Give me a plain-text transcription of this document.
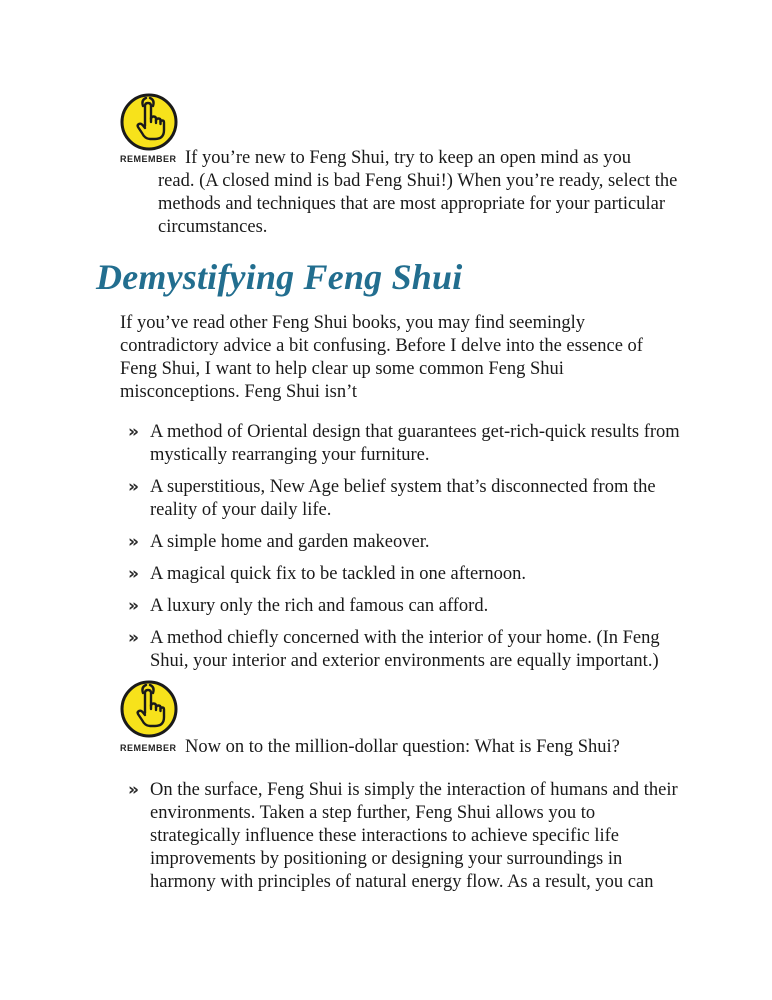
REMEMBER If you’re new to Feng Shui, try to keep an open mind as you
read. (A closed mind is bad Feng Shui!) When you’re ready, select the methods and techniques that are most appropriate for your particular circumstances.
Demystifying Feng Shui
If you’ve read other Feng Shui books, you may find seemingly contradictory advice a bit confusing. Before I delve into the essence of Feng Shui, I want to help clear up some common Feng Shui misconceptions. Feng Shui isn’t
» A method of Oriental design that guarantees get-rich-quick results from mystically rearranging your furniture.
» A superstitious, New Age belief system that’s disconnected from the reality of your daily life.
» A simple home and garden makeover.
» A magical quick fix to be tackled in one afternoon.
» A luxury only the rich and famous can afford.
» A method chiefly concerned with the interior of your home. (In Feng Shui, your interior and exterior environments are equally important.)
REMEMBER Now on to the million-dollar question: What is Feng Shui?
» On the surface, Feng Shui is simply the interaction of humans and their environments. Taken a step further, Feng Shui allows you to strategically influence these interactions to achieve specific life improvements by positioning or designing your surroundings in harmony with principles of natural energy flow. As a result, you can
